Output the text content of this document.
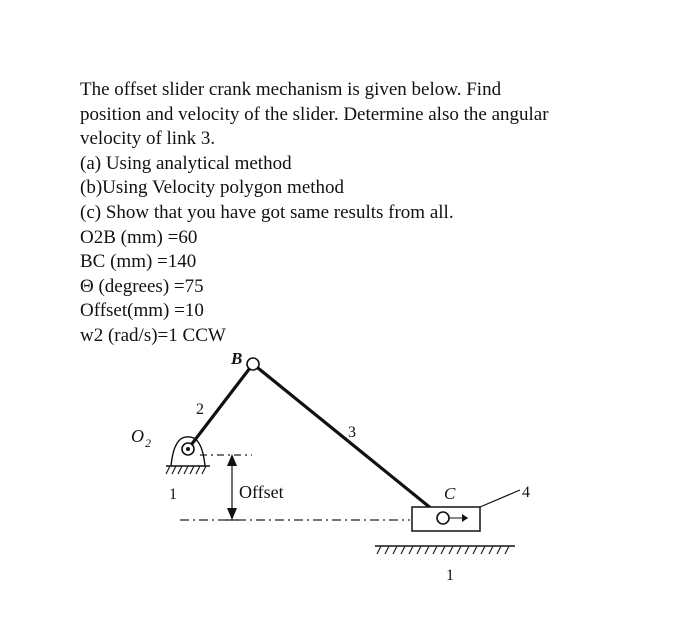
The offset slider crank mechanism is given below. Find
position and velocity of the slider. Determine also the angular
velocity of link 3.
(a) Using analytical method
(b)Using Velocity polygon method
(c) Show that you have got same results from all.
O2B (mm) =60
BC (mm) =140
Θ (degrees) =75
Offset(mm) =10
w2 (rad/s)=1 CCW
B
O 2
2
3
C	4
1
1
Offset
